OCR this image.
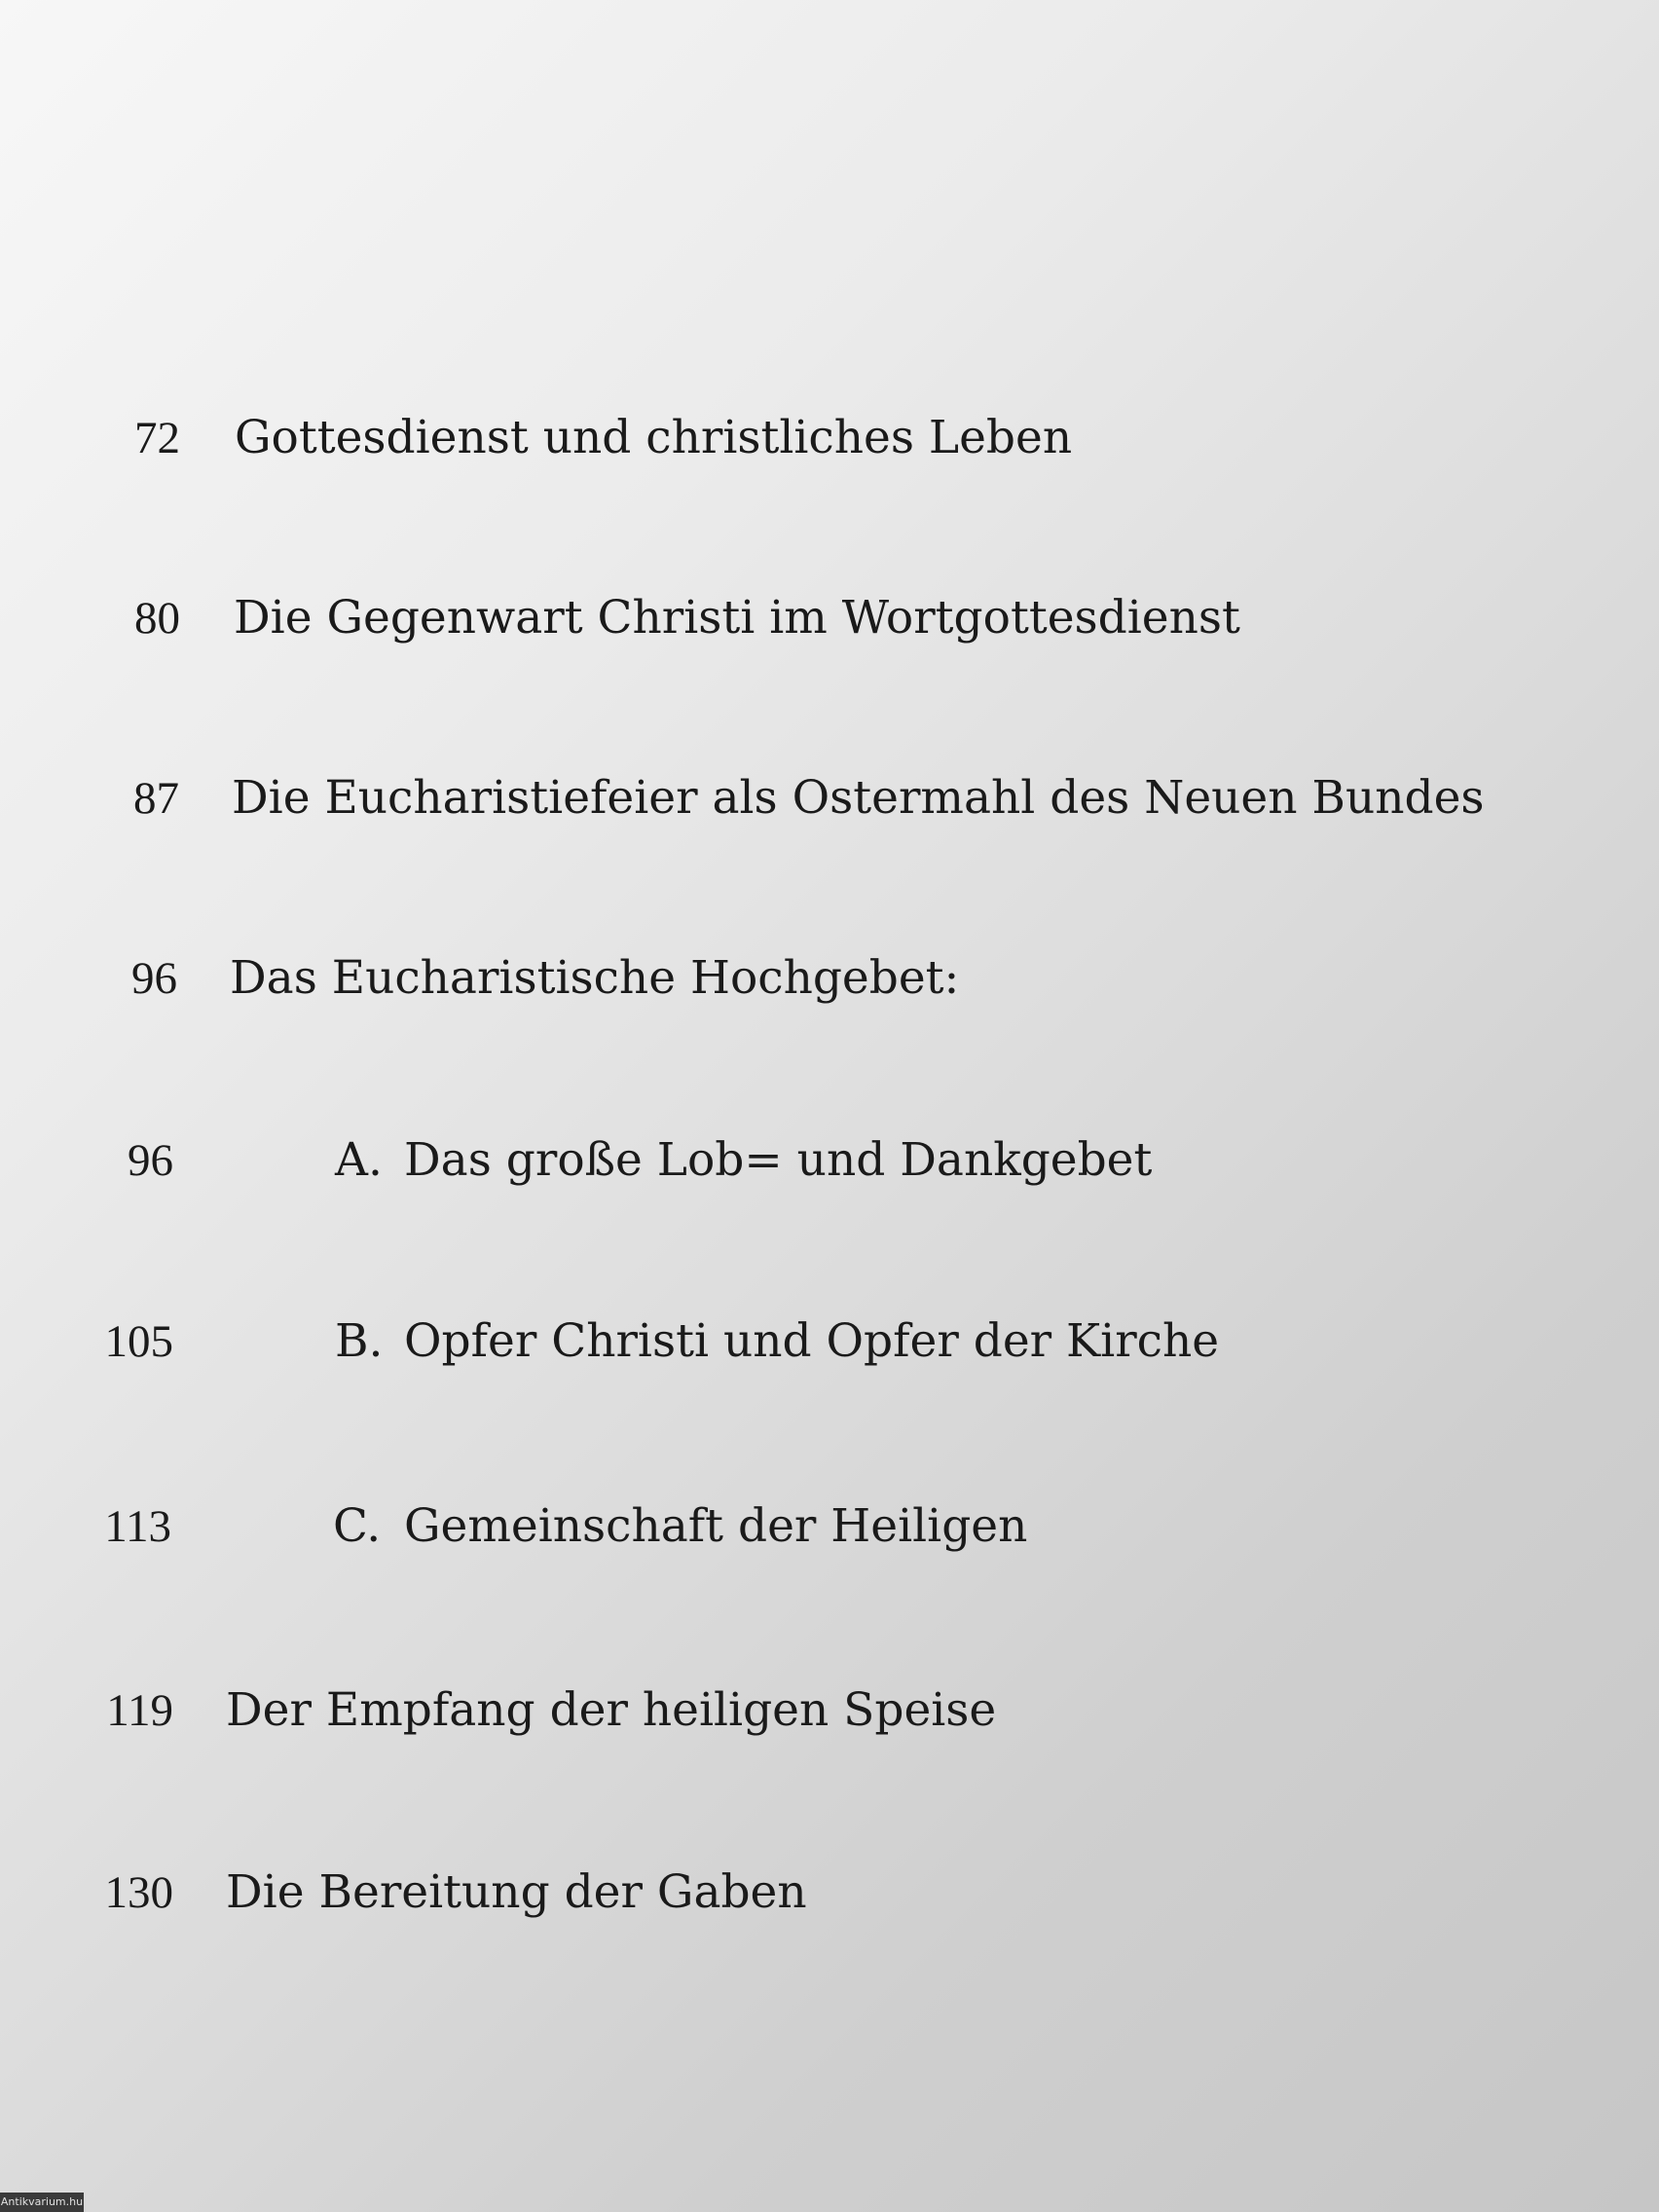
72 Gottesdienst und christliches Leben
80 Die Gegenwart Christi im Wortgottesdienst
87 Die Eucharistiefeier als Ostermahl des Neuen Bundes
96 Das Eucharistische Hochgebet:
96	A. Das große Lob= und Dankgebet
105	B. Opfer Christi und Opfer der Kirche
113	C. Gemeinschaft der Heiligen
119 Der Empfang der heiligen Speise
130 Die Bereitung der Gaben
Antikvarium.hu
